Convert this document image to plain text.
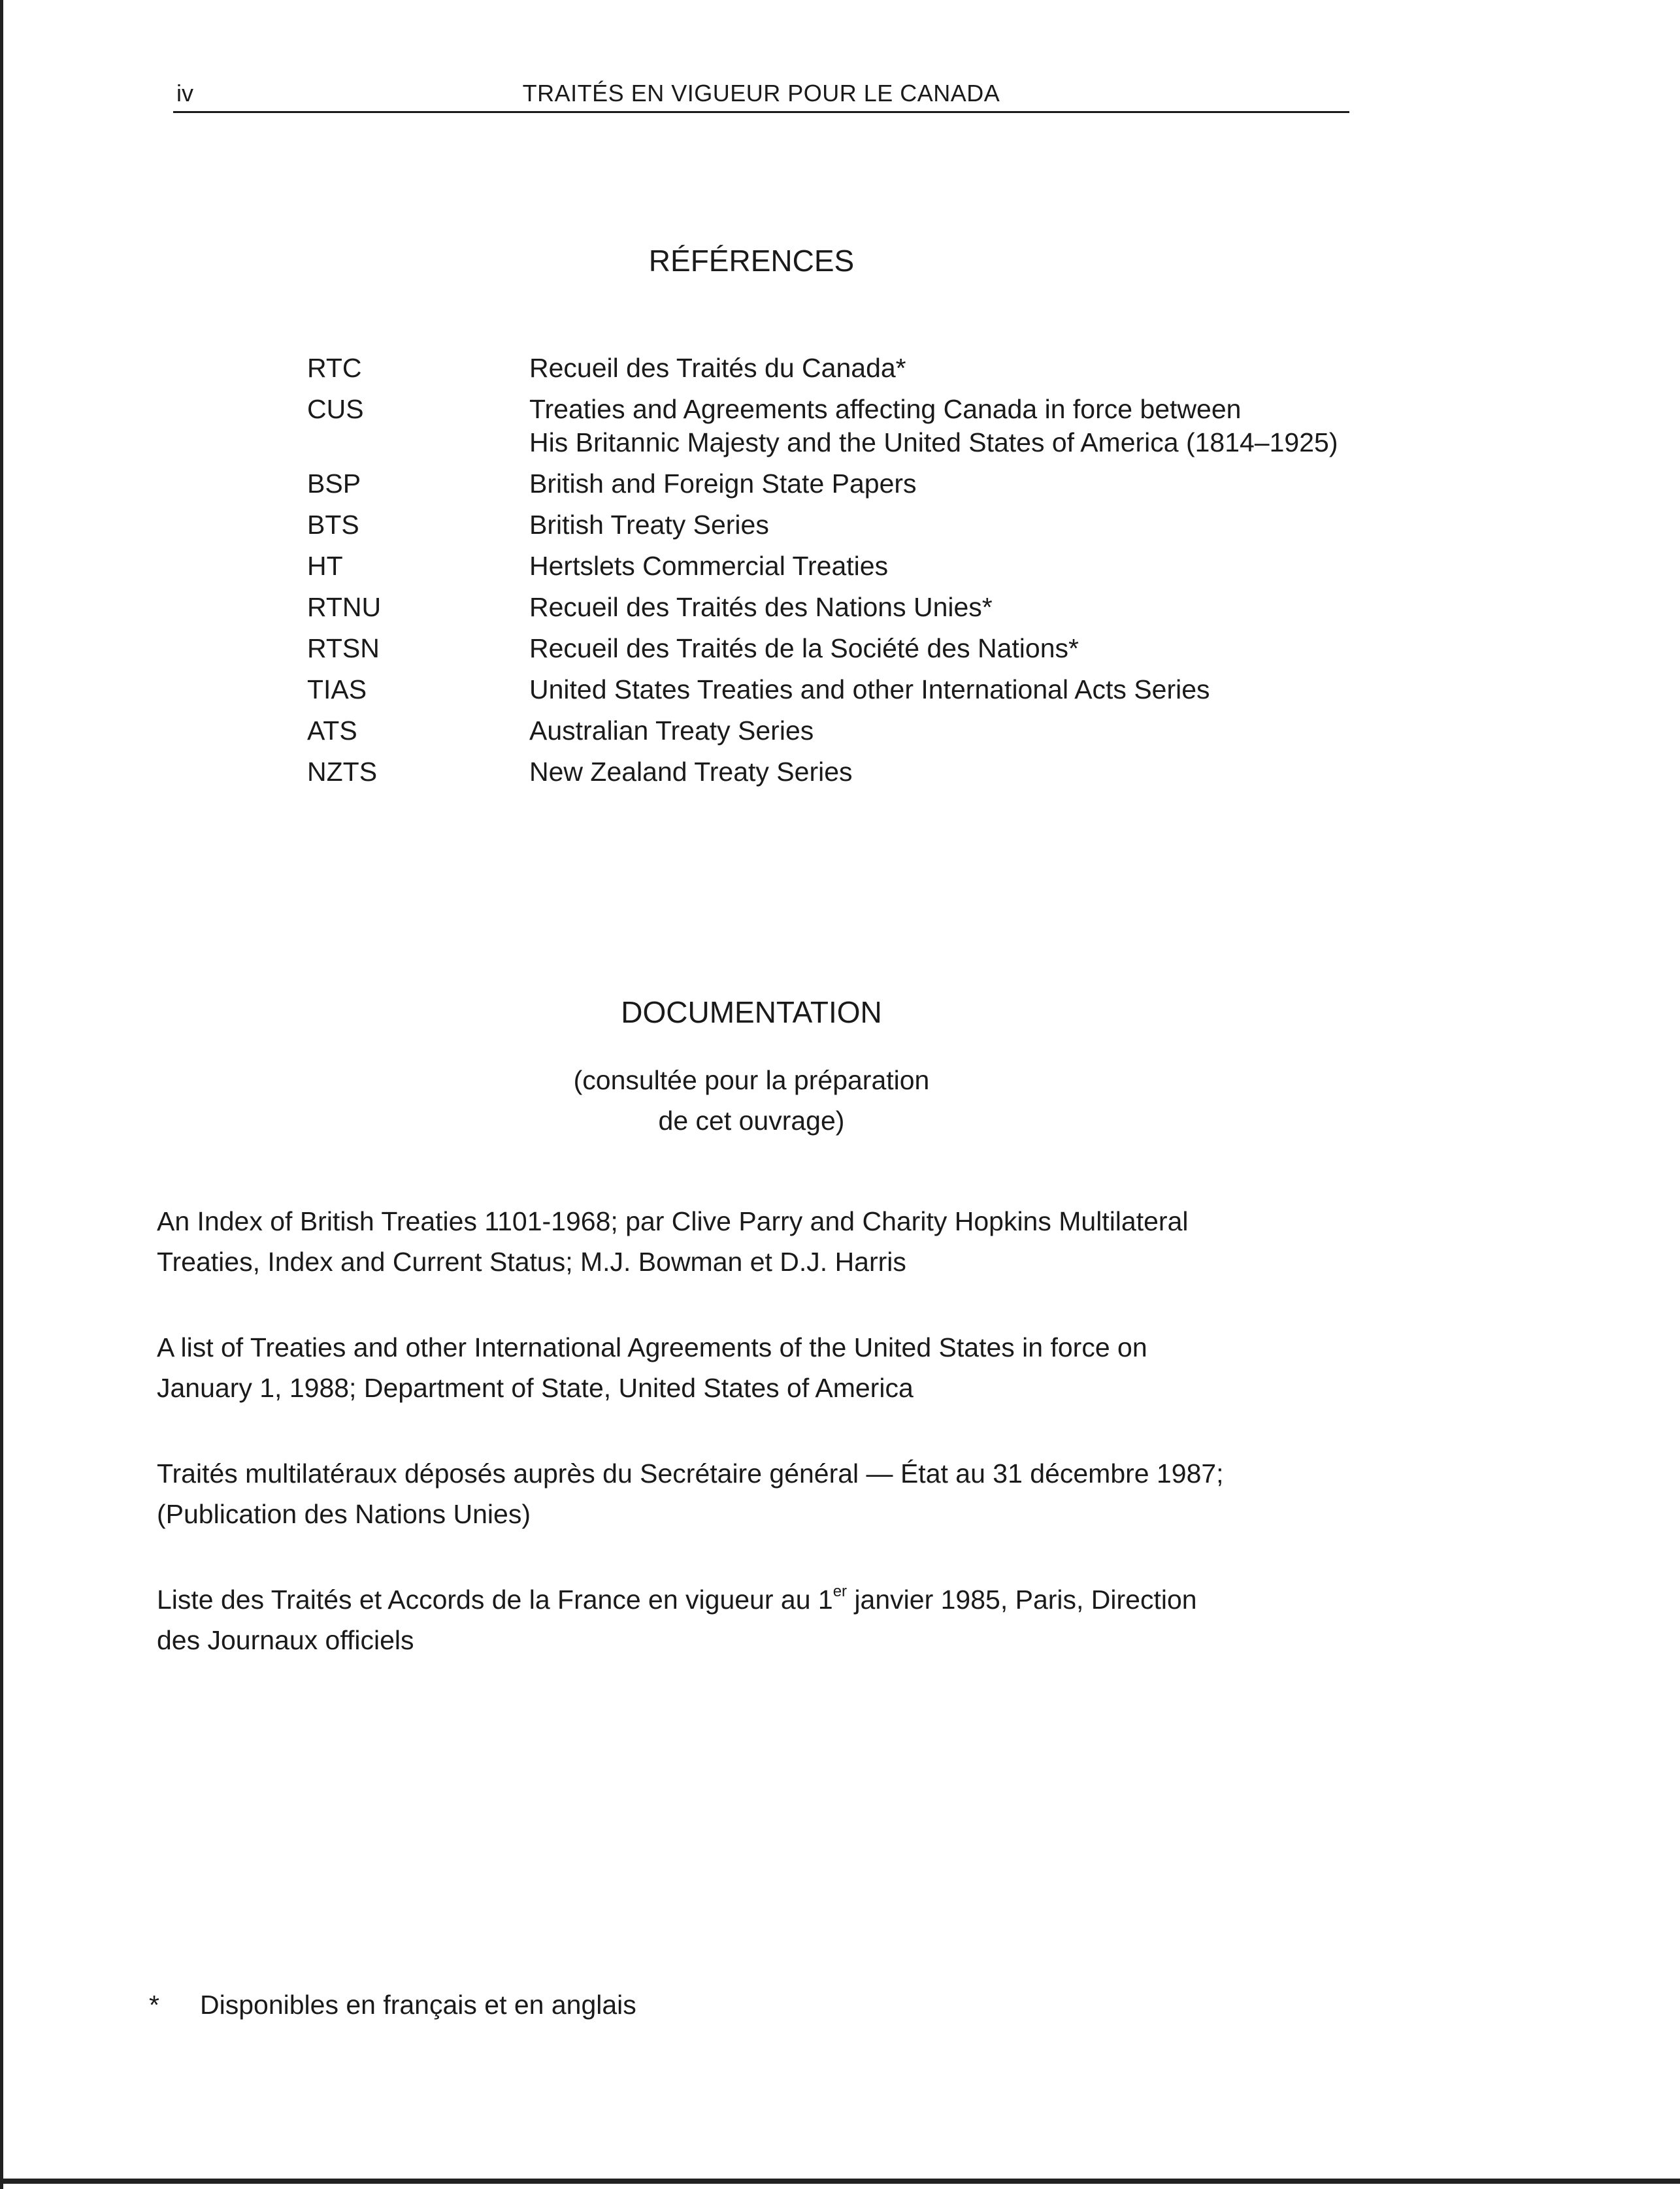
iv	TRAITÉS EN VIGUEUR POUR LE CANADA
RÉFÉRENCES
RTC	Recueil des Traités du Canada*
CUS	Treaties and Agreements affecting Canada in force between
His Britannic Majesty and the United States of America (1814–1925)
BSP	British and Foreign State Papers
BTS	British Treaty Series
HT	Hertslets Commercial Treaties
RTNU	Recueil des Traités des Nations Unies*
RTSN	Recueil des Traités de la Société des Nations*
TIAS	United States Treaties and other International Acts Series
ATS	Australian Treaty Series
NZTS	New Zealand Treaty Series
DOCUMENTATION
(consultée pour la préparation
de cet ouvrage)
An Index of British Treaties 1101-1968; par Clive Parry and Charity Hopkins Multilateral
Treaties, Index and Current Status; M.J. Bowman et D.J. Harris
A list of Treaties and other International Agreements of the United States in force on
January 1, 1988; Department of State, United States of America
Traités multilatéraux déposés auprès du Secrétaire général — État au 31 décembre 1987;
(Publication des Nations Unies)
Liste des Traités et Accords de la France en vigueur au 1er janvier 1985, Paris, Direction
des Journaux officiels
*	Disponibles en français et en anglais
